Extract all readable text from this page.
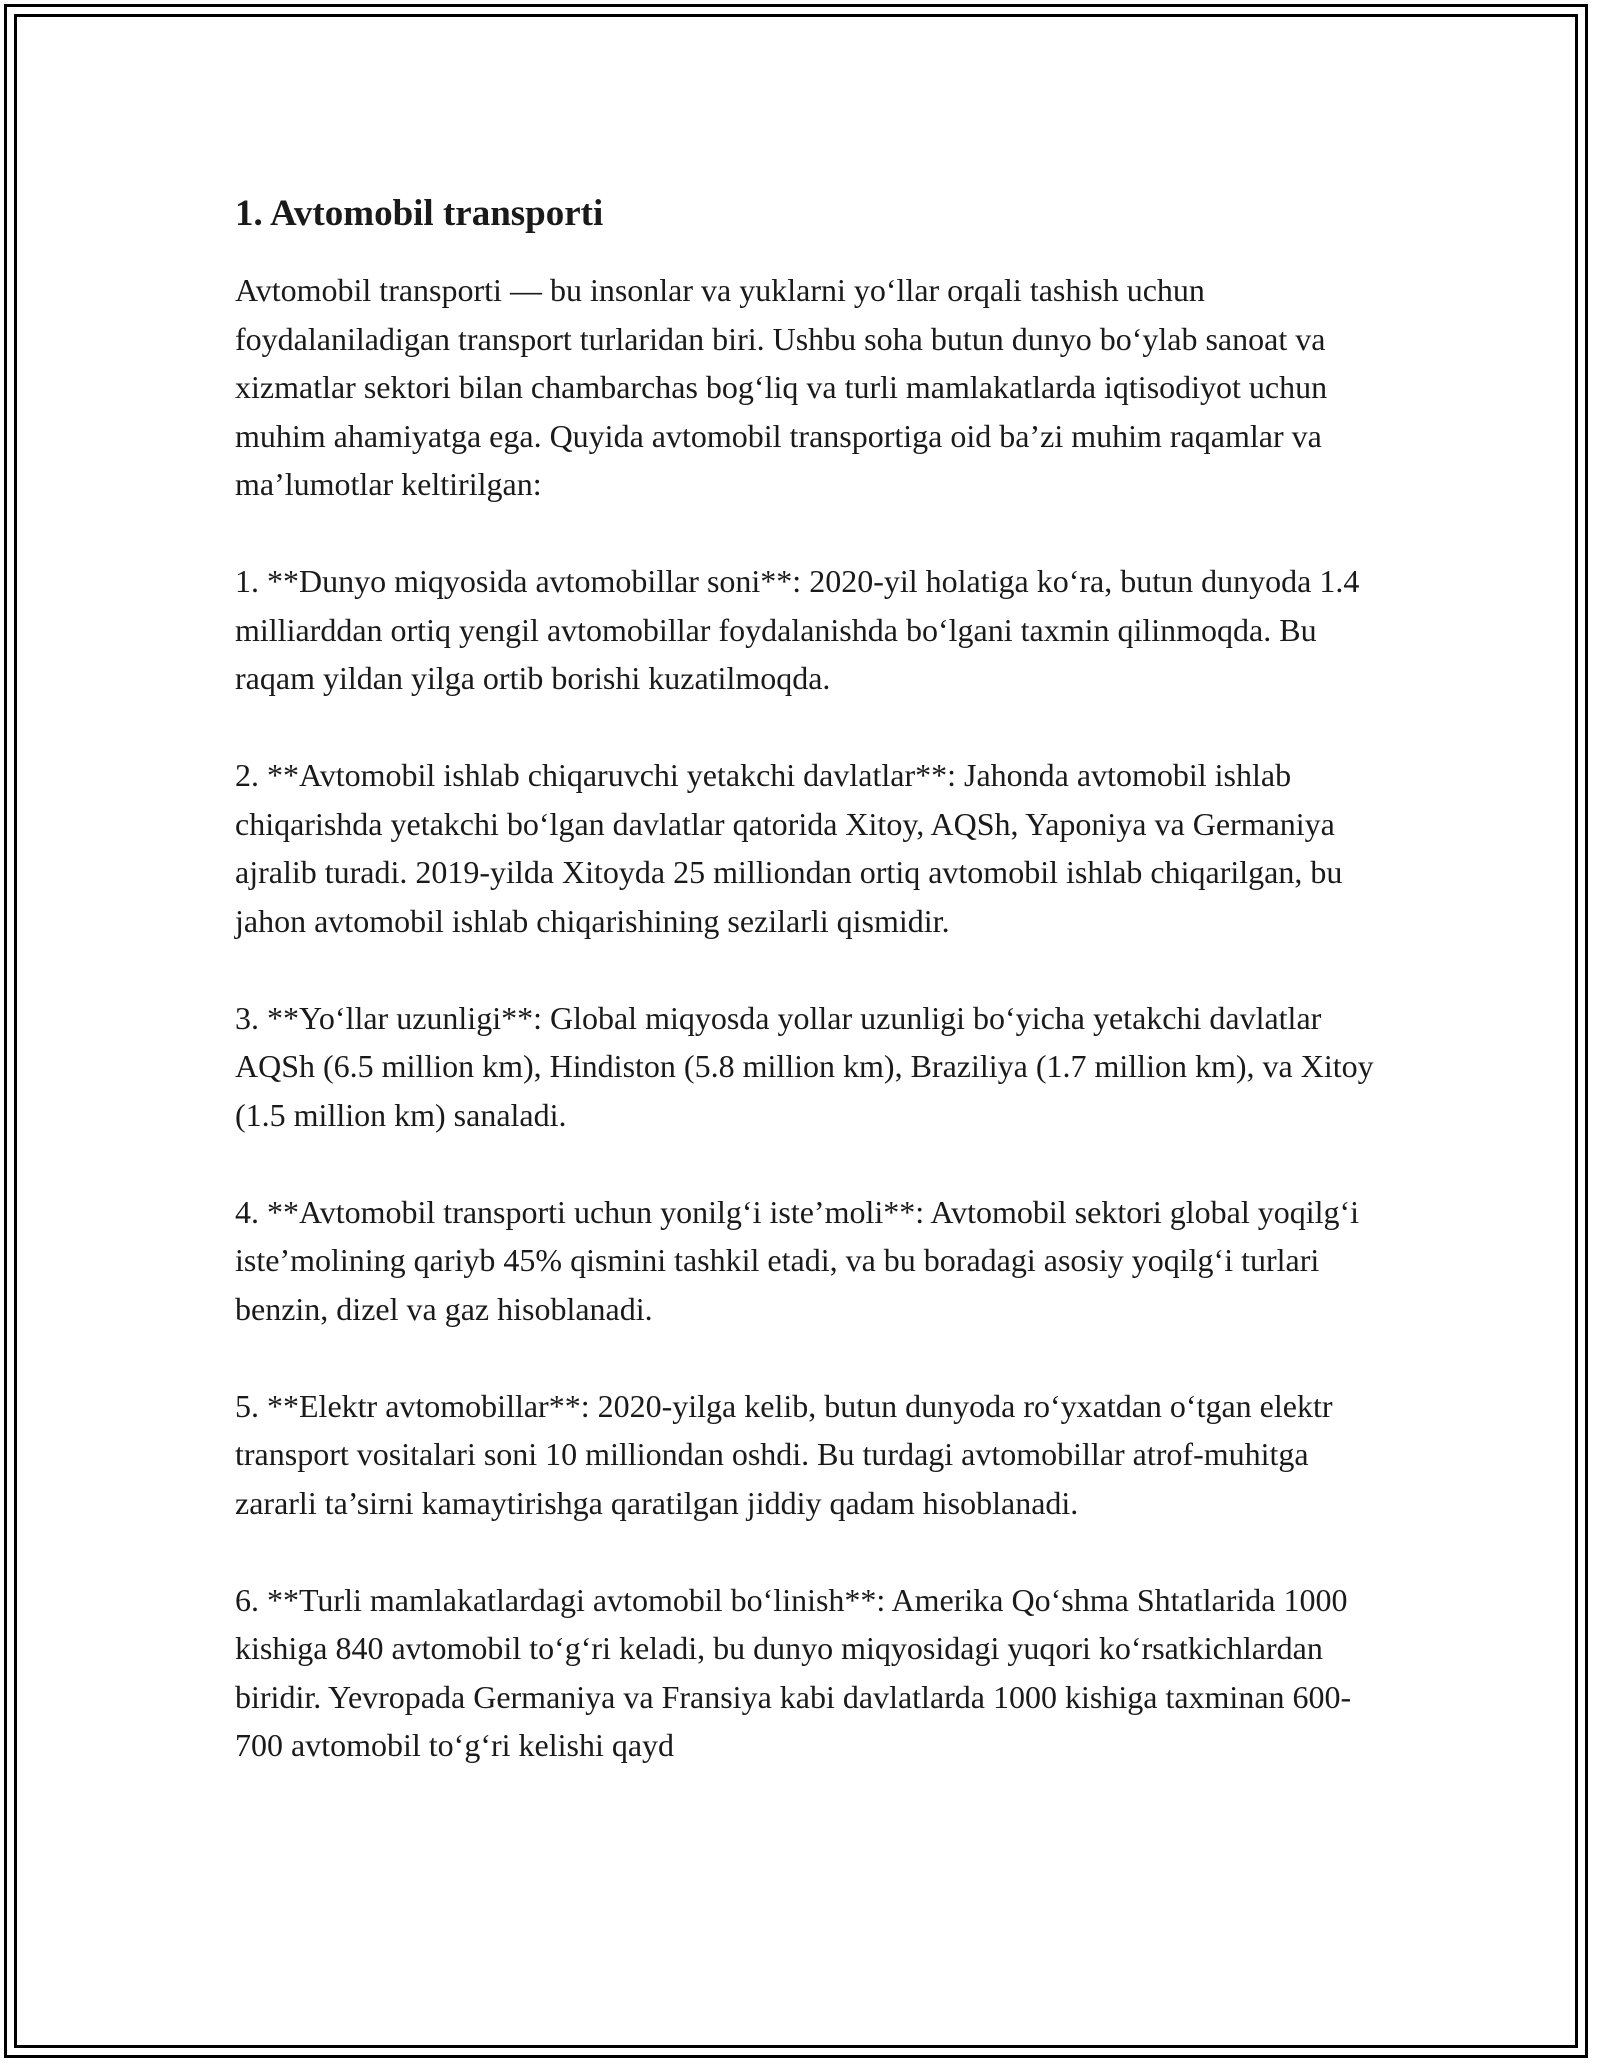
1. Avtomobil transporti

Avtomobil transporti — bu insonlar va yuklarni yo‘llar orqali tashish uchun foydalaniladigan transport turlaridan biri. Ushbu soha butun dunyo bo‘ylab sanoat va xizmatlar sektori bilan chambarchas bog‘liq va turli mamlakatlarda iqtisodiyot uchun muhim ahamiyatga ega. Quyida avtomobil transportiga oid ba’zi muhim raqamlar va ma’lumotlar keltirilgan:

1. **Dunyo miqyosida avtomobillar soni**: 2020-yil holatiga ko‘ra, butun dunyoda 1.4 milliarddan ortiq yengil avtomobillar foydalanishda bo‘lgani taxmin qilinmoqda. Bu raqam yildan yilga ortib borishi kuzatilmoqda.

2. **Avtomobil ishlab chiqaruvchi yetakchi davlatlar**: Jahonda avtomobil ishlab chiqarishda yetakchi bo‘lgan davlatlar qatorida Xitoy, AQSh, Yaponiya va Germaniya ajralib turadi. 2019-yilda Xitoyda 25 milliondan ortiq avtomobil ishlab chiqarilgan, bu jahon avtomobil ishlab chiqarishining sezilarli qismidir.

3. **Yo‘llar uzunligi**: Global miqyosda yollar uzunligi bo‘yicha yetakchi davlatlar AQSh (6.5 million km), Hindiston (5.8 million km), Braziliya (1.7 million km), va Xitoy (1.5 million km) sanaladi.

4. **Avtomobil transporti uchun yonilg‘i iste’moli**: Avtomobil sektori global yoqilg‘i iste’molining qariyb 45% qismini tashkil etadi, va bu boradagi asosiy yoqilg‘i turlari benzin, dizel va gaz hisoblanadi.

5. **Elektr avtomobillar**: 2020-yilga kelib, butun dunyoda ro‘yxatdan o‘tgan elektr transport vositalari soni 10 milliondan oshdi. Bu turdagi avtomobillar atrof-muhitga zararli ta’sirni kamaytirishga qaratilgan jiddiy qadam hisoblanadi.

6. **Turli mamlakatlardagi avtomobil bo‘linish**: Amerika Qo‘shma Shtatlarida 1000 kishiga 840 avtomobil to‘g‘ri keladi, bu dunyo miqyosidagi yuqori ko‘rsatkichlardan biridir. Yevropada Germaniya va Fransiya kabi davlatlarda 1000 kishiga taxminan 600-700 avtomobil to‘g‘ri kelishi qayd
